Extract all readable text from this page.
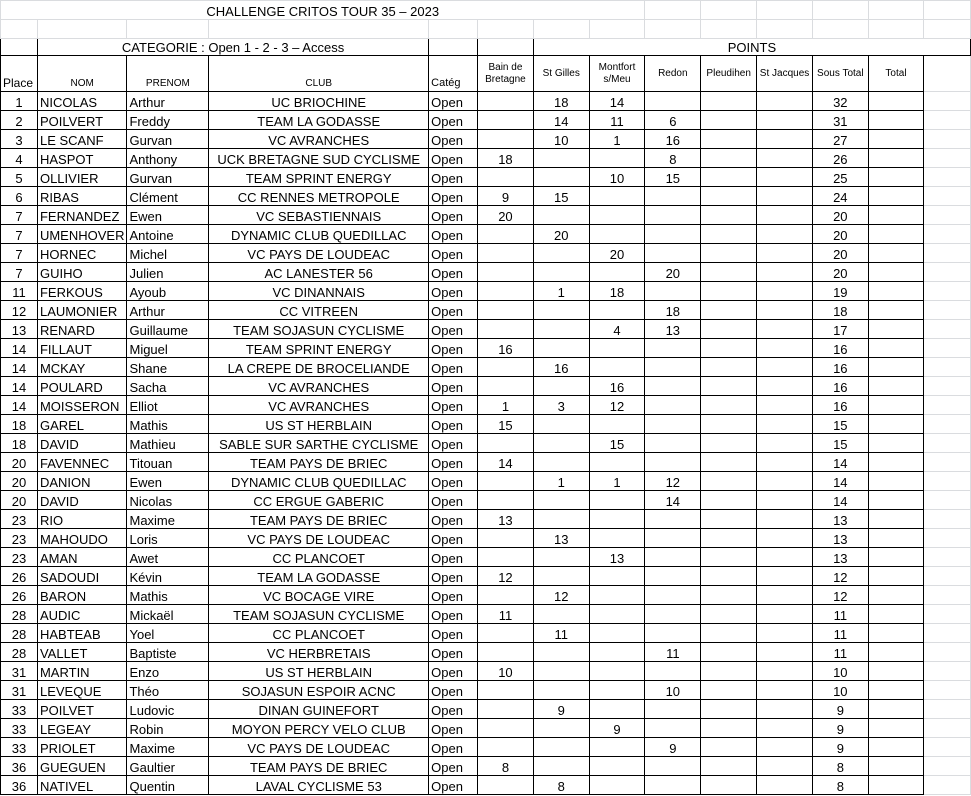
CHALLENGE CRITOS TOUR 35 – 2023													

	CATEGORIE : Open 1 - 2 - 3 – Access					POINTS							
Place	NOM	PRENOM	CLUB	Catég	Bain de Bretagne	St Gilles	Montfort s/Meu	Redon	Pleudihen	St Jacques	Sous Total	Total	
1	NICOLAS	Arthur	UC BRIOCHINE	Open		18	14				32		
2	POILVERT	Freddy	TEAM LA GODASSE	Open		14	11	6			31		
3	LE SCANF	Gurvan	VC AVRANCHES	Open		10	1	16			27		
4	HASPOT	Anthony	UCK BRETAGNE SUD CYCLISME	Open	18			8			26		
5	OLLIVIER	Gurvan	TEAM SPRINT ENERGY	Open			10	15			25		
6	RIBAS	Clément	CC RENNES METROPOLE	Open	9	15					24		
7	FERNANDEZ	Ewen	VC SEBASTIENNAIS	Open	20						20		
7	UMENHOVER	Antoine	DYNAMIC CLUB QUEDILLAC	Open		20					20		
7	HORNEC	Michel	VC PAYS DE LOUDEAC	Open			20				20		
7	GUIHO	Julien	AC LANESTER 56	Open				20			20		
11	FERKOUS	Ayoub	VC DINANNAIS	Open		1	18				19		
12	LAUMONIER	Arthur	CC VITREEN	Open				18			18		
13	RENARD	Guillaume	TEAM SOJASUN CYCLISME	Open			4	13			17		
14	FILLAUT	Miguel	TEAM SPRINT ENERGY	Open	16						16		
14	MCKAY	Shane	LA CREPE DE BROCELIANDE	Open		16					16		
14	POULARD	Sacha	VC AVRANCHES	Open			16				16		
14	MOISSERON	Elliot	VC AVRANCHES	Open	1	3	12				16		
18	GAREL	Mathis	US ST HERBLAIN	Open	15						15		
18	DAVID	Mathieu	SABLE SUR SARTHE CYCLISME	Open			15				15		
20	FAVENNEC	Titouan	TEAM PAYS DE BRIEC	Open	14						14		
20	DANION	Ewen	DYNAMIC CLUB QUEDILLAC	Open		1	1	12			14		
20	DAVID	Nicolas	CC ERGUE GABERIC	Open				14			14		
23	RIO	Maxime	TEAM PAYS DE BRIEC	Open	13						13		
23	MAHOUDO	Loris	VC PAYS DE LOUDEAC	Open		13					13		
23	AMAN	Awet	CC PLANCOET	Open			13				13		
26	SADOUDI	Kévin	TEAM LA GODASSE	Open	12						12		
26	BARON	Mathis	VC BOCAGE VIRE	Open		12					12		
28	AUDIC	Mickaël	TEAM SOJASUN CYCLISME	Open	11						11		
28	HABTEAB	Yoel	CC PLANCOET	Open		11					11		
28	VALLET	Baptiste	VC HERBRETAIS	Open				11			11		
31	MARTIN	Enzo	US ST HERBLAIN	Open	10						10		
31	LEVEQUE	Théo	SOJASUN ESPOIR ACNC	Open				10			10		
33	POILVET	Ludovic	DINAN GUINEFORT	Open		9					9		
33	LEGEAY	Robin	MOYON PERCY VELO CLUB	Open			9				9		
33	PRIOLET	Maxime	VC PAYS DE LOUDEAC	Open				9			9		
36	GUEGUEN	Gaultier	TEAM PAYS DE BRIEC	Open	8						8		
36	NATIVEL	Quentin	LAVAL CYCLISME 53	Open		8					8		
